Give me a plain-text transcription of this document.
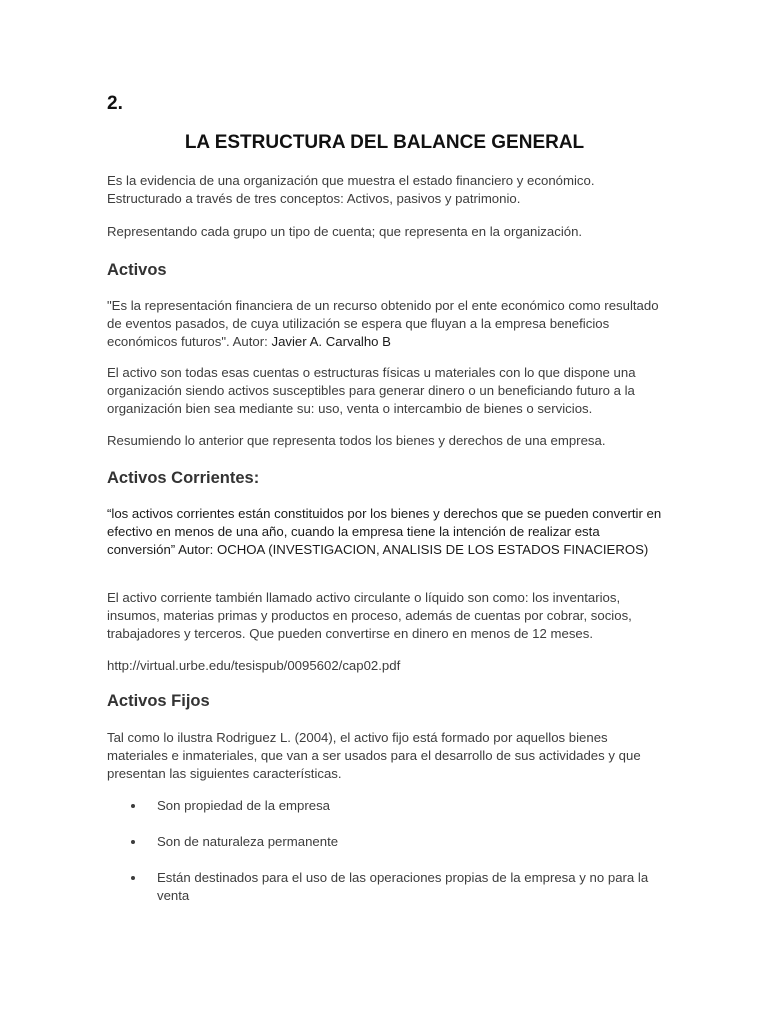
2.

LA ESTRUCTURA DEL BALANCE GENERAL

Es la evidencia de una organización que muestra el estado financiero y económico. Estructurado a través de tres conceptos: Activos, pasivos y patrimonio.

Representando cada grupo un tipo de cuenta; que representa en la organización.

Activos

"Es la representación financiera de un recurso obtenido por el ente económico como resultado de eventos pasados, de cuya utilización se espera que fluyan a la empresa beneficios económicos futuros". Autor: Javier A. Carvalho B

El activo son todas esas cuentas o estructuras físicas u materiales con lo que dispone una organización siendo activos susceptibles para generar dinero o un beneficiando futuro a la organización bien sea mediante su: uso, venta o intercambio de bienes o servicios.

Resumiendo lo anterior que representa todos los bienes y derechos de una empresa.

Activos Corrientes:

“los activos corrientes están constituidos por los bienes y derechos que se pueden convertir en efectivo en menos de una año, cuando la empresa tiene la intención de realizar esta conversión” Autor: OCHOA (INVESTIGACION, ANALISIS DE LOS ESTADOS FINACIEROS)

El activo corriente también llamado activo circulante o líquido son como: los inventarios, insumos, materias primas y productos en proceso, además de cuentas por cobrar, socios, trabajadores y terceros. Que pueden convertirse en dinero en menos de 12 meses.

http://virtual.urbe.edu/tesispub/0095602/cap02.pdf

Activos Fijos

Tal como lo ilustra Rodriguez L. (2004), el activo fijo está formado por aquellos bienes materiales e inmateriales, que van a ser usados para el desarrollo de sus actividades y que presentan las siguientes características.

Son propiedad de la empresa
Son de naturaleza permanente
Están destinados para el uso de las operaciones propias de la empresa y no para la venta
